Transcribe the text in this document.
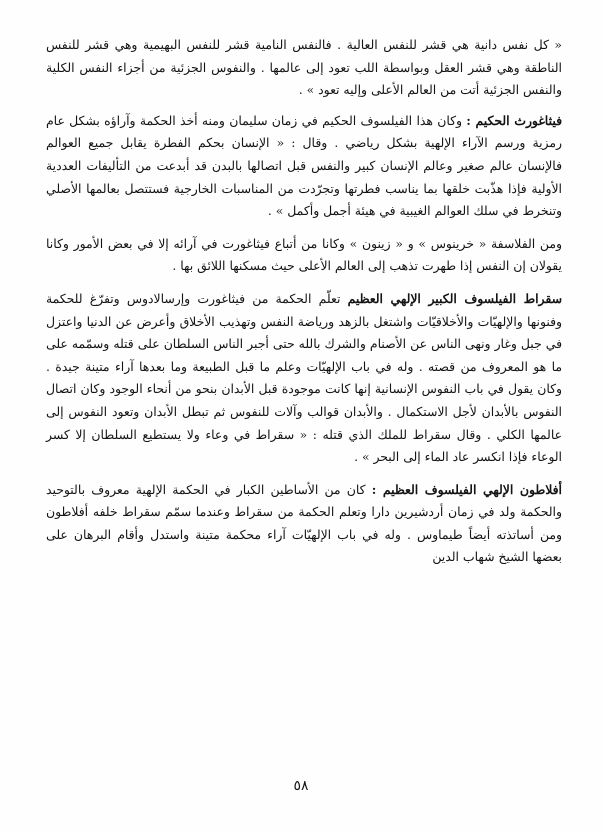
« كل نفس دانية هي قشر للنفس العالية . فالنفس النامية قشر للنفس البهيمية وهي قشر للنفس الناطقة وهي قشر العقل وبواسطة اللب تعود إلى عالمها . والنفوس الجزئية من أجزاء النفس الكلية والنفس الجزئية أتت من العالم الأعلى وإليه تعود » .

فيثاغورث الحكيم : وكان هذا الفيلسوف الحكيم في زمان سليمان ومنه أخذ الحكمة وآراؤه بشكل عام رمزية ورسم الآراء الإلهية بشكل رياضي . وقال : « الإنسان بحكم الفطرة يقابل جميع العوالم فالإنسان عالم صغير وعالم الإنسان كبير والنفس قبل اتصالها بالبدن قد أبدعت من التأليفات العددية الأولية فإذا هذّبت خلقها بما يناسب فطرتها وتجرّدت من المناسبات الخارجية فستتصل بعالمها الأصلي وتنخرط في سلك العوالم الغيبية في هيئة أجمل وأكمل » .

ومن الفلاسفة « خرينوس » و « زينون » وكانا من أتباع فيثاغورت في آرائه إلا في بعض الأمور وكانا يقولان إن النفس إذا طهرت تذهب إلى العالم الأعلى حيث مسكنها اللائق بها .

سقراط الفيلسوف الكبير الإلهي العظيم تعلّم الحكمة من فيثاغورت وإرسالادوس وتفرّغ للحكمة وفنونها والإلهيّات والأخلاقيّات واشتغل بالزهد ورياضة النفس وتهذيب الأخلاق وأعرض عن الدنيا واعتزل في جبل وغار ونهى الناس عن الأصنام والشرك بالله حتى أجبر الناس السلطان على قتله وسمّمه على ما هو المعروف من قصته . وله في باب الإلهيّات وعلم ما قبل الطبيعة وما بعدها آراء متينة جيدة . وكان يقول في باب النفوس الإنسانية إنها كانت موجودة قبل الأبدان بنحو من أنحاء الوجود وكان اتصال النفوس بالأبدان لأجل الاستكمال . والأبدان قوالب وآلات للنفوس ثم تبطل الأبدان وتعود النفوس إلى عالمها الكلي . وقال سقراط للملك الذي قتله : « سقراط في وعاء ولا يستطيع السلطان إلا كسر الوعاء فإذا انكسر عاد الماء إلى البحر » .

أفلاطون الإلهي الفيلسوف العظيم : كان من الأساطين الكبار في الحكمة الإلهية معروف بالتوحيد والحكمة ولد في زمان أردشيرين دارا وتعلم الحكمة من سقراط وعندما سمّم سقراط خلفه أفلاطون ومن أساتذته أيضاً طيماوس . وله في باب الإلهيّات آراء محكمة متينة واستدل وأقام البرهان على بعضها الشيخ شهاب الدين

٥٨
